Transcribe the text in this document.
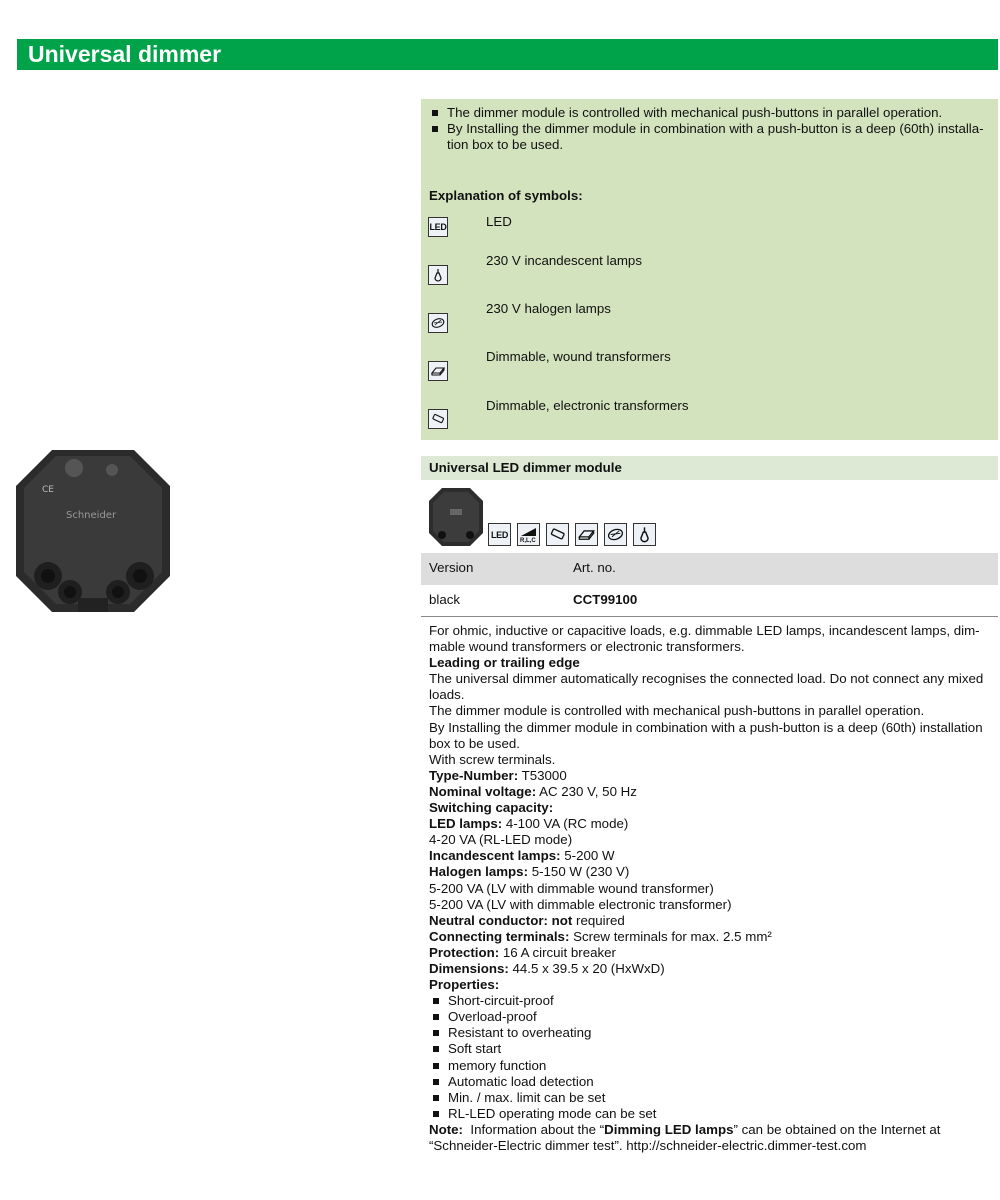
Universal dimmer
CE
Schneider
The dimmer module is controlled with mechanical push-buttons in parallel operation.
By Installing the dimmer module in combination with a push-button is a deep (60th) installa-tion box to be used.
Explanation of symbols:
LED	LED
230 V incandescent lamps
230 V halogen lamps
Dimmable, wound transformers
Dimmable, electronic transformers
Universal LED dimmer module
LED
R,L,C
Version	Art. no.
black	CCT99100

For ohmic, inductive or capacitive loads, e.g. dimmable LED lamps, incandescent lamps, dim-mable wound transformers or electronic transformers.

Leading or trailing edge

The universal dimmer automatically recognises the connected load. Do not connect any mixed loads.

The dimmer module is controlled with mechanical push-buttons in parallel operation.

By Installing the dimmer module in combination with a push-button is a deep (60th) installation box to be used.

With screw terminals.

Type-Number: T53000

Nominal voltage: AC 230 V, 50 Hz

Switching capacity:

LED lamps: 4-100 VA (RC mode)

4-20 VA (RL-LED mode)

Incandescent lamps: 5-200 W

Halogen lamps: 5-150 W (230 V)

5-200 VA (LV with dimmable wound transformer)

5-200 VA (LV with dimmable electronic transformer)

Neutral conductor: not required

Connecting terminals: Screw terminals for max. 2.5 mm²

Protection: 16 A circuit breaker

Dimensions: 44.5 x 39.5 x 20 (HxWxD)

Properties:

Short-circuit-proof
Overload-proof
Resistant to overheating
Soft start
memory function
Automatic load detection
Min. / max. limit can be set
RL-LED operating mode can be set

Note:  Information about the “Dimming LED lamps” can be obtained on the Internet at “Schneider-Electric dimmer test”. http://schneider-electric.dimmer-test.com
